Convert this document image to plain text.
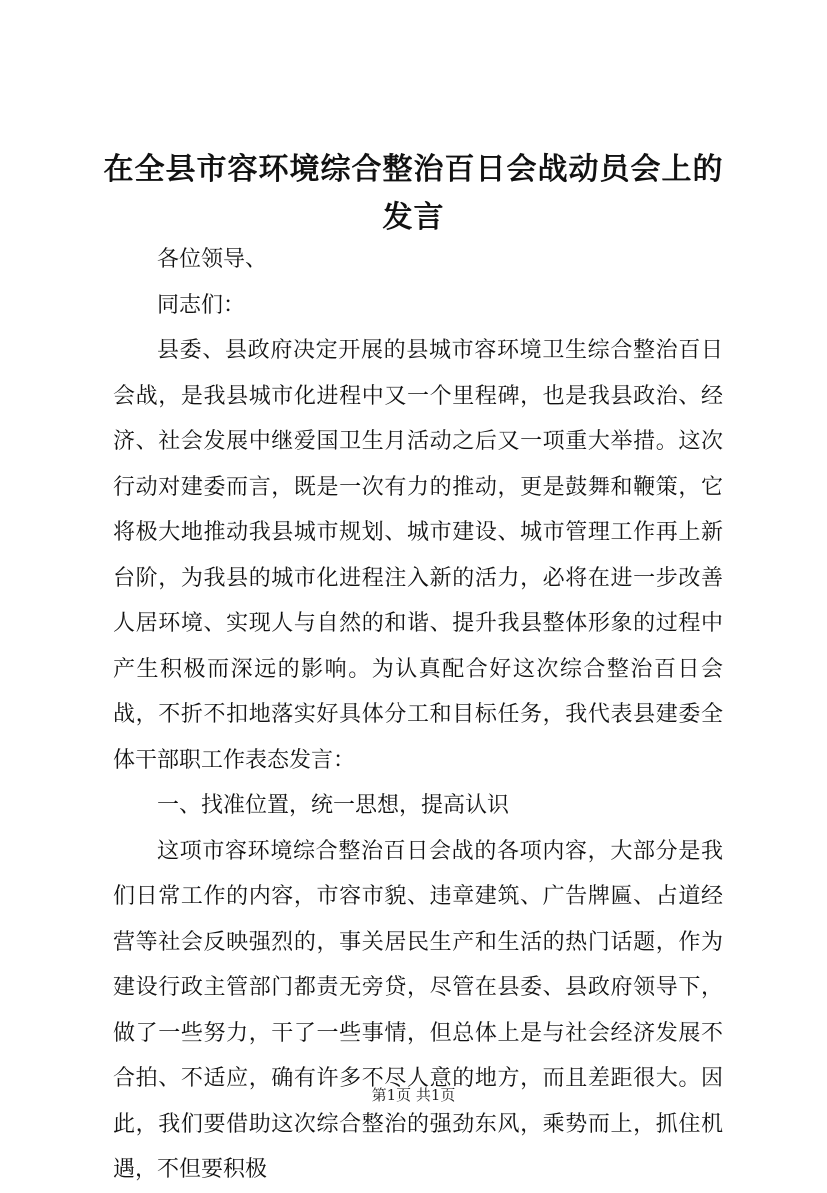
在全县市容环境综合整治百日会战动员会上的发言

各位领导、

同志们：

县委、县政府决定开展的县城市容环境卫生综合整治百日会战，是我县城市化进程中又一个里程碑，也是我县政治、经济、社会发展中继爱国卫生月活动之后又一项重大举措。这次行动对建委而言，既是一次有力的推动，更是鼓舞和鞭策，它将极大地推动我县城市规划、城市建设、城市管理工作再上新台阶，为我县的城市化进程注入新的活力，必将在进一步改善人居环境、实现人与自然的和谐、提升我县整体形象的过程中产生积极而深远的影响。为认真配合好这次综合整治百日会战，不折不扣地落实好具体分工和目标任务，我代表县建委全体干部职工作表态发言：

一、找准位置，统一思想，提高认识

这项市容环境综合整治百日会战的各项内容，大部分是我们日常工作的内容，市容市貌、违章建筑、广告牌匾、占道经营等社会反映强烈的，事关居民生产和生活的热门话题，作为建设行政主管部门都责无旁贷，尽管在县委、县政府领导下，做了一些努力，干了一些事情，但总体上是与社会经济发展不合拍、不适应，确有许多不尽人意的地方，而且差距很大。因此，我们要借助这次综合整治的强劲东风，乘势而上，抓住机遇，不但要积极

第1页 共1页
